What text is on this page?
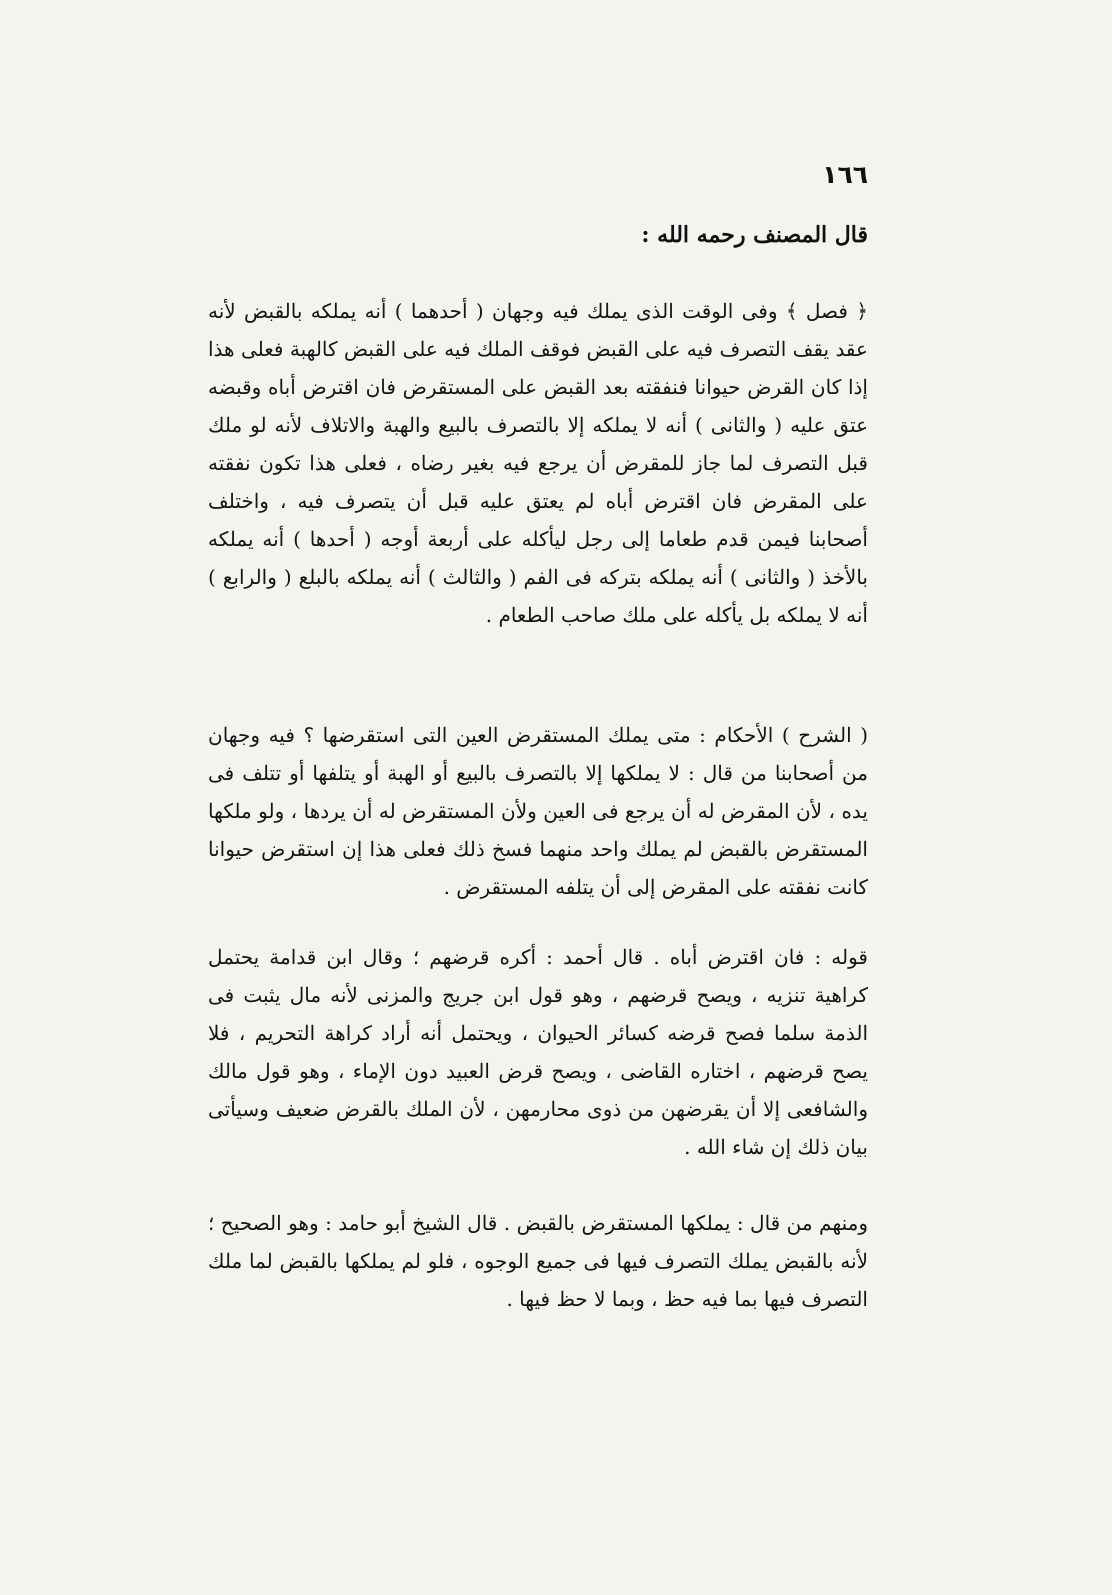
١٦٦
قال المصنف رحمه الله :

﴿ فصل ﴾ وفى الوقت الذى يملك فيه وجهان ( أحدهما ) أنه يملكه بالقبض لأنه عقد يقف التصرف فيه على القبض فوقف الملك فيه على القبض كالهبة فعلى هذا إذا كان القرض حيوانا فنفقته بعد القبض على المستقرض فان اقترض أباه وقبضه عتق عليه ( والثانى ) أنه لا يملكه إلا بالتصرف بالبيع والهبة والاتلاف لأنه لو ملك قبل التصرف لما جاز للمقرض أن يرجع فيه بغير رضاه ، فعلى هذا تكون نفقته على المقرض فان اقترض أباه لم يعتق عليه قبل أن يتصرف فيه ، واختلف أصحابنا فيمن قدم طعاما إلى رجل ليأكله على أربعة أوجه ( أحدها ) أنه يملكه بالأخذ ( والثانى ) أنه يملكه بتركه فى الفم ( والثالث ) أنه يملكه بالبلع ( والرابع ) أنه لا يملكه بل يأكله على ملك صاحب الطعام .

( الشرح ) الأحكام : متى يملك المستقرض العين التى استقرضها ؟ فيه وجهان من أصحابنا من قال : لا يملكها إلا بالتصرف بالبيع أو الهبة أو يتلفها أو تتلف فى يده ، لأن المقرض له أن يرجع فى العين ولأن المستقرض له أن يردها ، ولو ملكها المستقرض بالقبض لم يملك واحد منهما فسخ ذلك فعلى هذا إن استقرض حيوانا كانت نفقته على المقرض إلى أن يتلفه المستقرض .

قوله : فان اقترض أباه . قال أحمد : أكره قرضهم ؛ وقال ابن قدامة يحتمل كراهية تنزيه ، ويصح قرضهم ، وهو قول ابن جريج والمزنى لأنه مال يثبت فى الذمة سلما فصح قرضه كسائر الحيوان ، ويحتمل أنه أراد كراهة التحريم ، فلا يصح قرضهم ، اختاره القاضى ، ويصح قرض العبيد دون الإماء ، وهو قول مالك والشافعى إلا أن يقرضهن من ذوى محارمهن ، لأن الملك بالقرض ضعيف وسيأتى بيان ذلك إن شاء الله .

ومنهم من قال : يملكها المستقرض بالقبض . قال الشيخ أبو حامد : وهو الصحيح ؛ لأنه بالقبض يملك التصرف فيها فى جميع الوجوه ، فلو لم يملكها بالقبض لما ملك التصرف فيها بما فيه حظ ، وبما لا حظ فيها .
